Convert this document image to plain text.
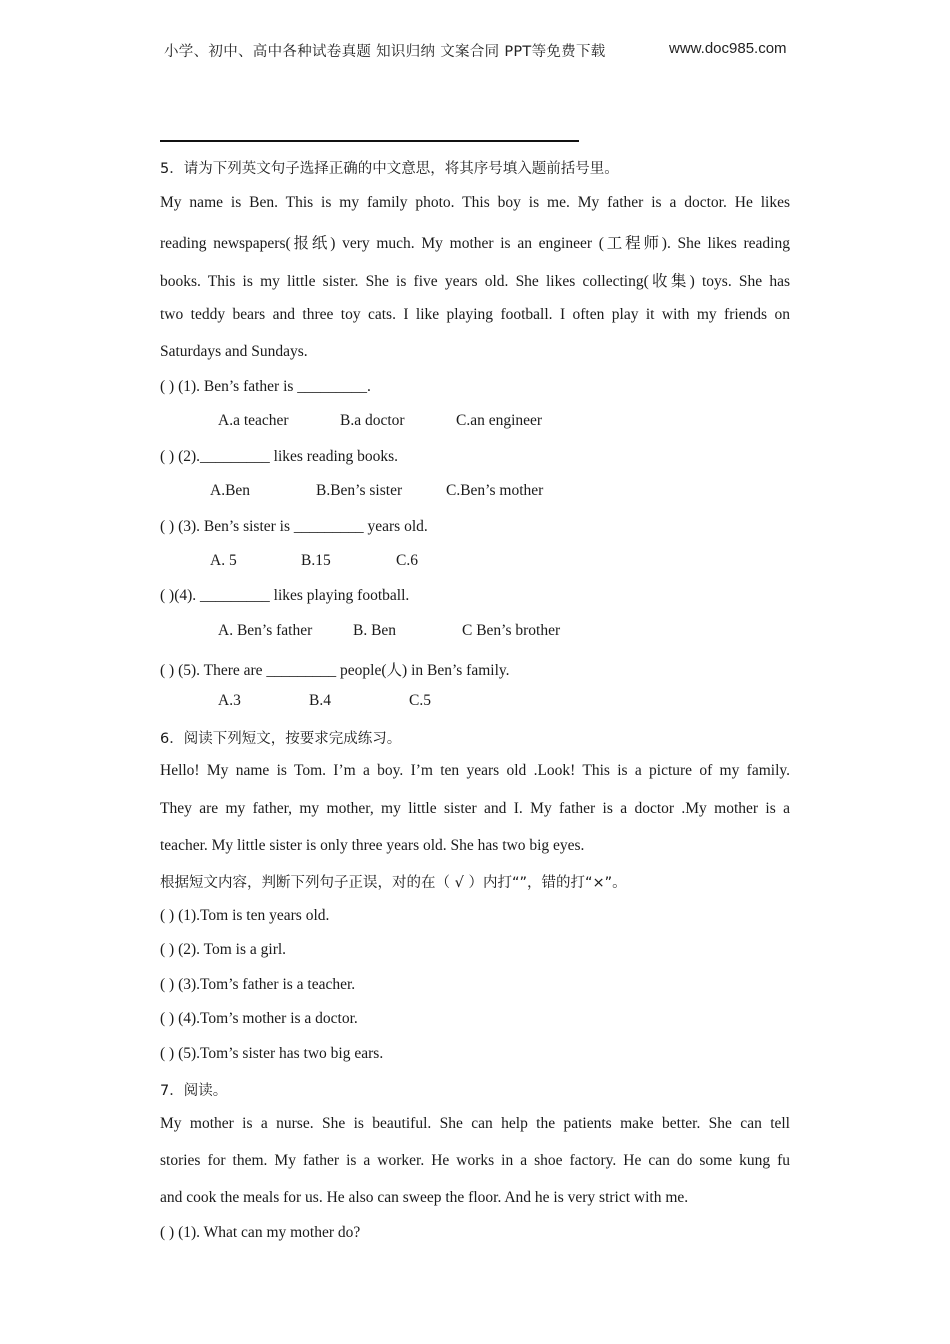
小学、初中、高中各种试卷真题 知识归纳 文案合同 PPT等免费下载	www.doc985.com
5．请为下列英文句子选择正确的中文意思，将其序号填入题前括号里。
My name is Ben. This is my family photo. This boy is me. My father is a doctor. He likes
reading newspapers(报纸) very much. My mother is an engineer (工程师). She likes reading
books. This is my little sister. She is five years old. She likes collecting(收集) toys. She has
two teddy bears and three toy cats. I like playing football. I often play it with my friends on
Saturdays and Sundays.
( ) (1). Ben’s father is _________.
A.a teacher	B.a doctor	C.an engineer
( ) (2)._________ likes reading books.
A.Ben	B.Ben’s sister	C.Ben’s mother
( ) (3). Ben’s sister is _________ years old.
A. 5	B.15	C.6
( )(4). _________ likes playing football.
A. Ben’s father	B. Ben	C Ben’s brother
( ) (5). There are _________ people(人) in Ben’s family.
A.3	B.4	C.5
6．阅读下列短文，按要求完成练习。
Hello! My name is Tom. I’m a boy. I’m ten years old .Look! This is a picture of my family.
They are my father, my mother, my little sister and I. My father is a doctor .My mother is a
teacher. My little sister is only three years old. She has two big eyes.
根据短文内容，判断下列句子正误，对的在（ √ ）内打“”，错的打“×”。
( ) (1).Tom is ten years old.
( ) (2). Tom is a girl.
( ) (3).Tom’s father is a teacher.
( ) (4).Tom’s mother is a doctor.
( ) (5).Tom’s sister has two big ears.
7．阅读。
My mother is a nurse. She is beautiful. She can help the patients make better. She can tell
stories for them. My father is a worker. He works in a shoe factory. He can do some kung fu
and cook the meals for us. He also can sweep the floor. And he is very strict with me.
( ) (1). What can my mother do?
